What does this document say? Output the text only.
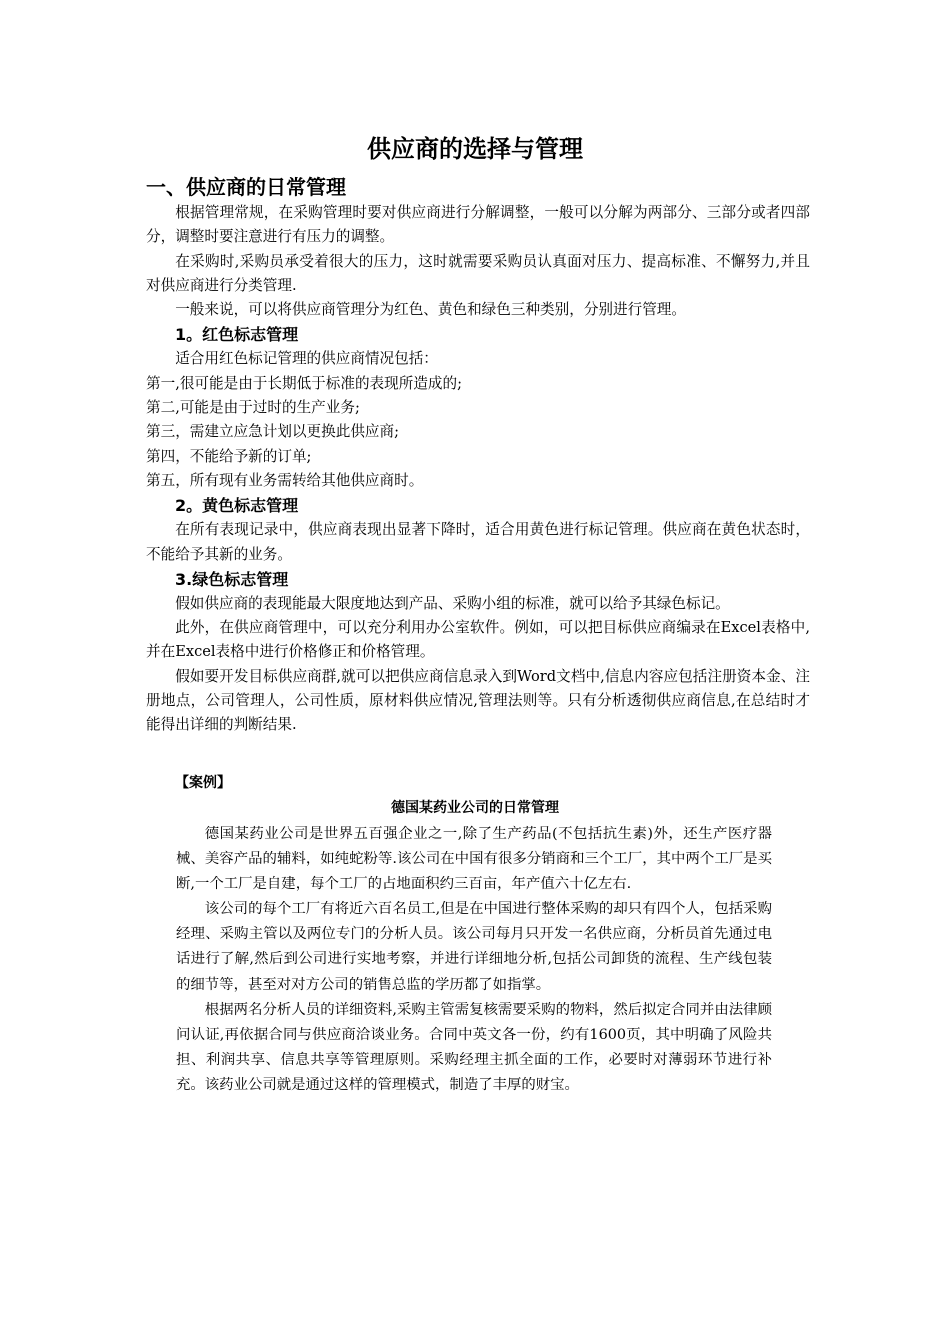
供应商的选择与管理
一、供应商的日常管理

根据管理常规，在采购管理时要对供应商进行分解调整，一般可以分解为两部分、三部分或者四部分，调整时要注意进行有压力的调整。

在采购时,采购员承受着很大的压力，这时就需要采购员认真面对压力、提高标准、不懈努力,并且对供应商进行分类管理.

一般来说，可以将供应商管理分为红色、黄色和绿色三种类别，分别进行管理。

1。红色标志管理

适合用红色标记管理的供应商情况包括：

第一,很可能是由于长期低于标准的表现所造成的;

第二,可能是由于过时的生产业务;

第三，需建立应急计划以更换此供应商;

第四，不能给予新的订单;

第五，所有现有业务需转给其他供应商时。

2。黄色标志管理

在所有表现记录中，供应商表现出显著下降时，适合用黄色进行标记管理。供应商在黄色状态时，不能给予其新的业务。

3.绿色标志管理

假如供应商的表现能最大限度地达到产品、采购小组的标准，就可以给予其绿色标记。

此外，在供应商管理中，可以充分利用办公室软件。例如，可以把目标供应商编录在Excel表格中,并在Excel表格中进行价格修正和价格管理。

假如要开发目标供应商群,就可以把供应商信息录入到Word文档中,信息内容应包括注册资本金、注册地点，公司管理人，公司性质，原材料供应情况,管理法则等。只有分析透彻供应商信息,在总结时才能得出详细的判断结果.

【案例】
德国某药业公司的日常管理

德国某药业公司是世界五百强企业之一,除了生产药品(不包括抗生素)外，还生产医疗器械、美容产品的辅料，如纯蛇粉等.该公司在中国有很多分销商和三个工厂，其中两个工厂是买断,一个工厂是自建，每个工厂的占地面积约三百亩，年产值六十亿左右.

该公司的每个工厂有将近六百名员工,但是在中国进行整体采购的却只有四个人，包括采购经理、采购主管以及两位专门的分析人员。该公司每月只开发一名供应商，分析员首先通过电话进行了解,然后到公司进行实地考察，并进行详细地分析,包括公司卸货的流程、生产线包装的细节等，甚至对对方公司的销售总监的学历都了如指掌。

根据两名分析人员的详细资料,采购主管需复核需要采购的物料，然后拟定合同并由法律顾问认证,再依据合同与供应商洽谈业务。合同中英文各一份，约有1600页，其中明确了风险共担、利润共享、信息共享等管理原则。采购经理主抓全面的工作，必要时对薄弱环节进行补充。该药业公司就是通过这样的管理模式，制造了丰厚的财宝。
